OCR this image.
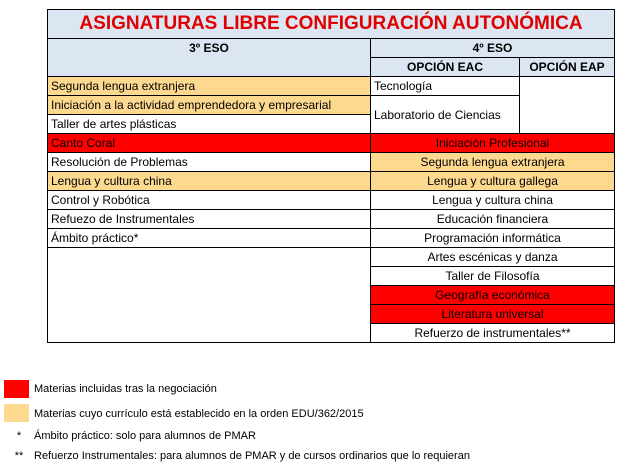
ASIGNATURAS LIBRE CONFIGURACIÓN AUTONÓMICA		
3º ESO	4º ESO	
	OPCIÓN EAC	OPCIÓN EAP
Segunda lengua extranjera	Tecnología	
Iniciación a la actividad emprendedora y empresarial	Laboratorio de Ciencias	
Taller de artes plásticas		
Canto Coral	Iniciación Profesional	
Resolución de Problemas	Segunda lengua extranjera	
Lengua y cultura china	Lengua y cultura gallega	
Control y Robótica	Lengua y cultura china	
Refuezo de Instrumentales	Educación financiera	
Ámbito práctico*	Programación informática	
	Artes escénicas y danza	
	Taller de Filosofía	
	Geografía económica	
	Literatura universal	
	Refuerzo de instrumentales**	
Materias incluidas tras la negociación
Materias cuyo currículo está establecido en la orden EDU/362/2015
*	Ámbito práctico: solo para alumnos de PMAR
** Refuerzo Instrumentales: para alumnos de PMAR y de cursos ordinarios que lo requieran
